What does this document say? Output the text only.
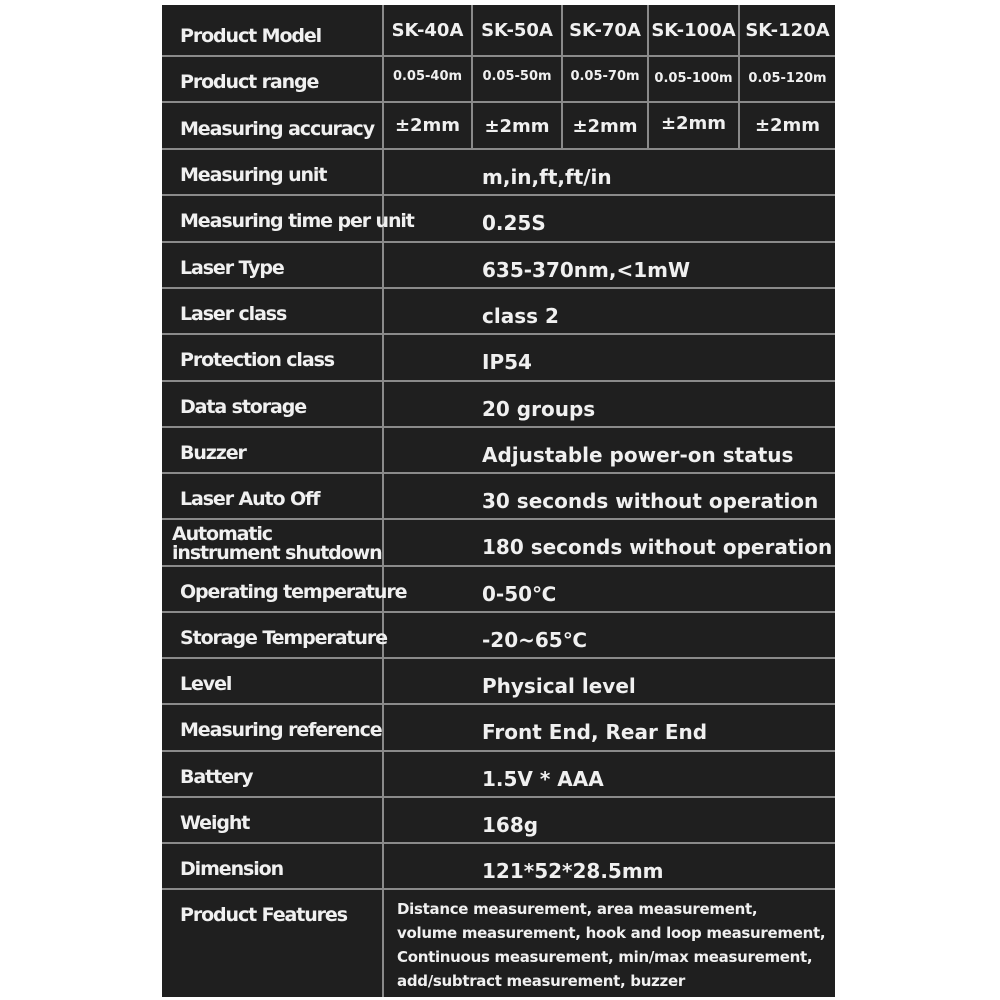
Product Model	SK-40A SK-50A SK-70A SK-100A SK-120A
Product range	0.05-40m	0.05-50m	0.05-70m	0.05-100m	0.05-120m
Measuring accuracy	±2mm	±2mm	±2mm	±2mm	±2mm
Measuring unit	m,in,ft,ft/in
Measuring time per unit	0.25S
Laser Type	635-370nm,<1mW
Laser class	class 2
Protection class	IP54
Data storage	20 groups
Buzzer	Adjustable power-on status
Laser Auto Off	30 seconds without operation
Automatic instrument shutdown	180 seconds without operation
Operating temperature	0-50℃
Storage Temperature	-20~65℃
Level	Physical level
Measuring reference	Front End, Rear End
Battery	1.5V * AAA
Weight	168g
Dimension	121*52*28.5mm
Product Features	Distance measurement, area measurement,
volume measurement, hook and loop measurement,
Continuous measurement, min/max measurement,
add/subtract measurement, buzzer
